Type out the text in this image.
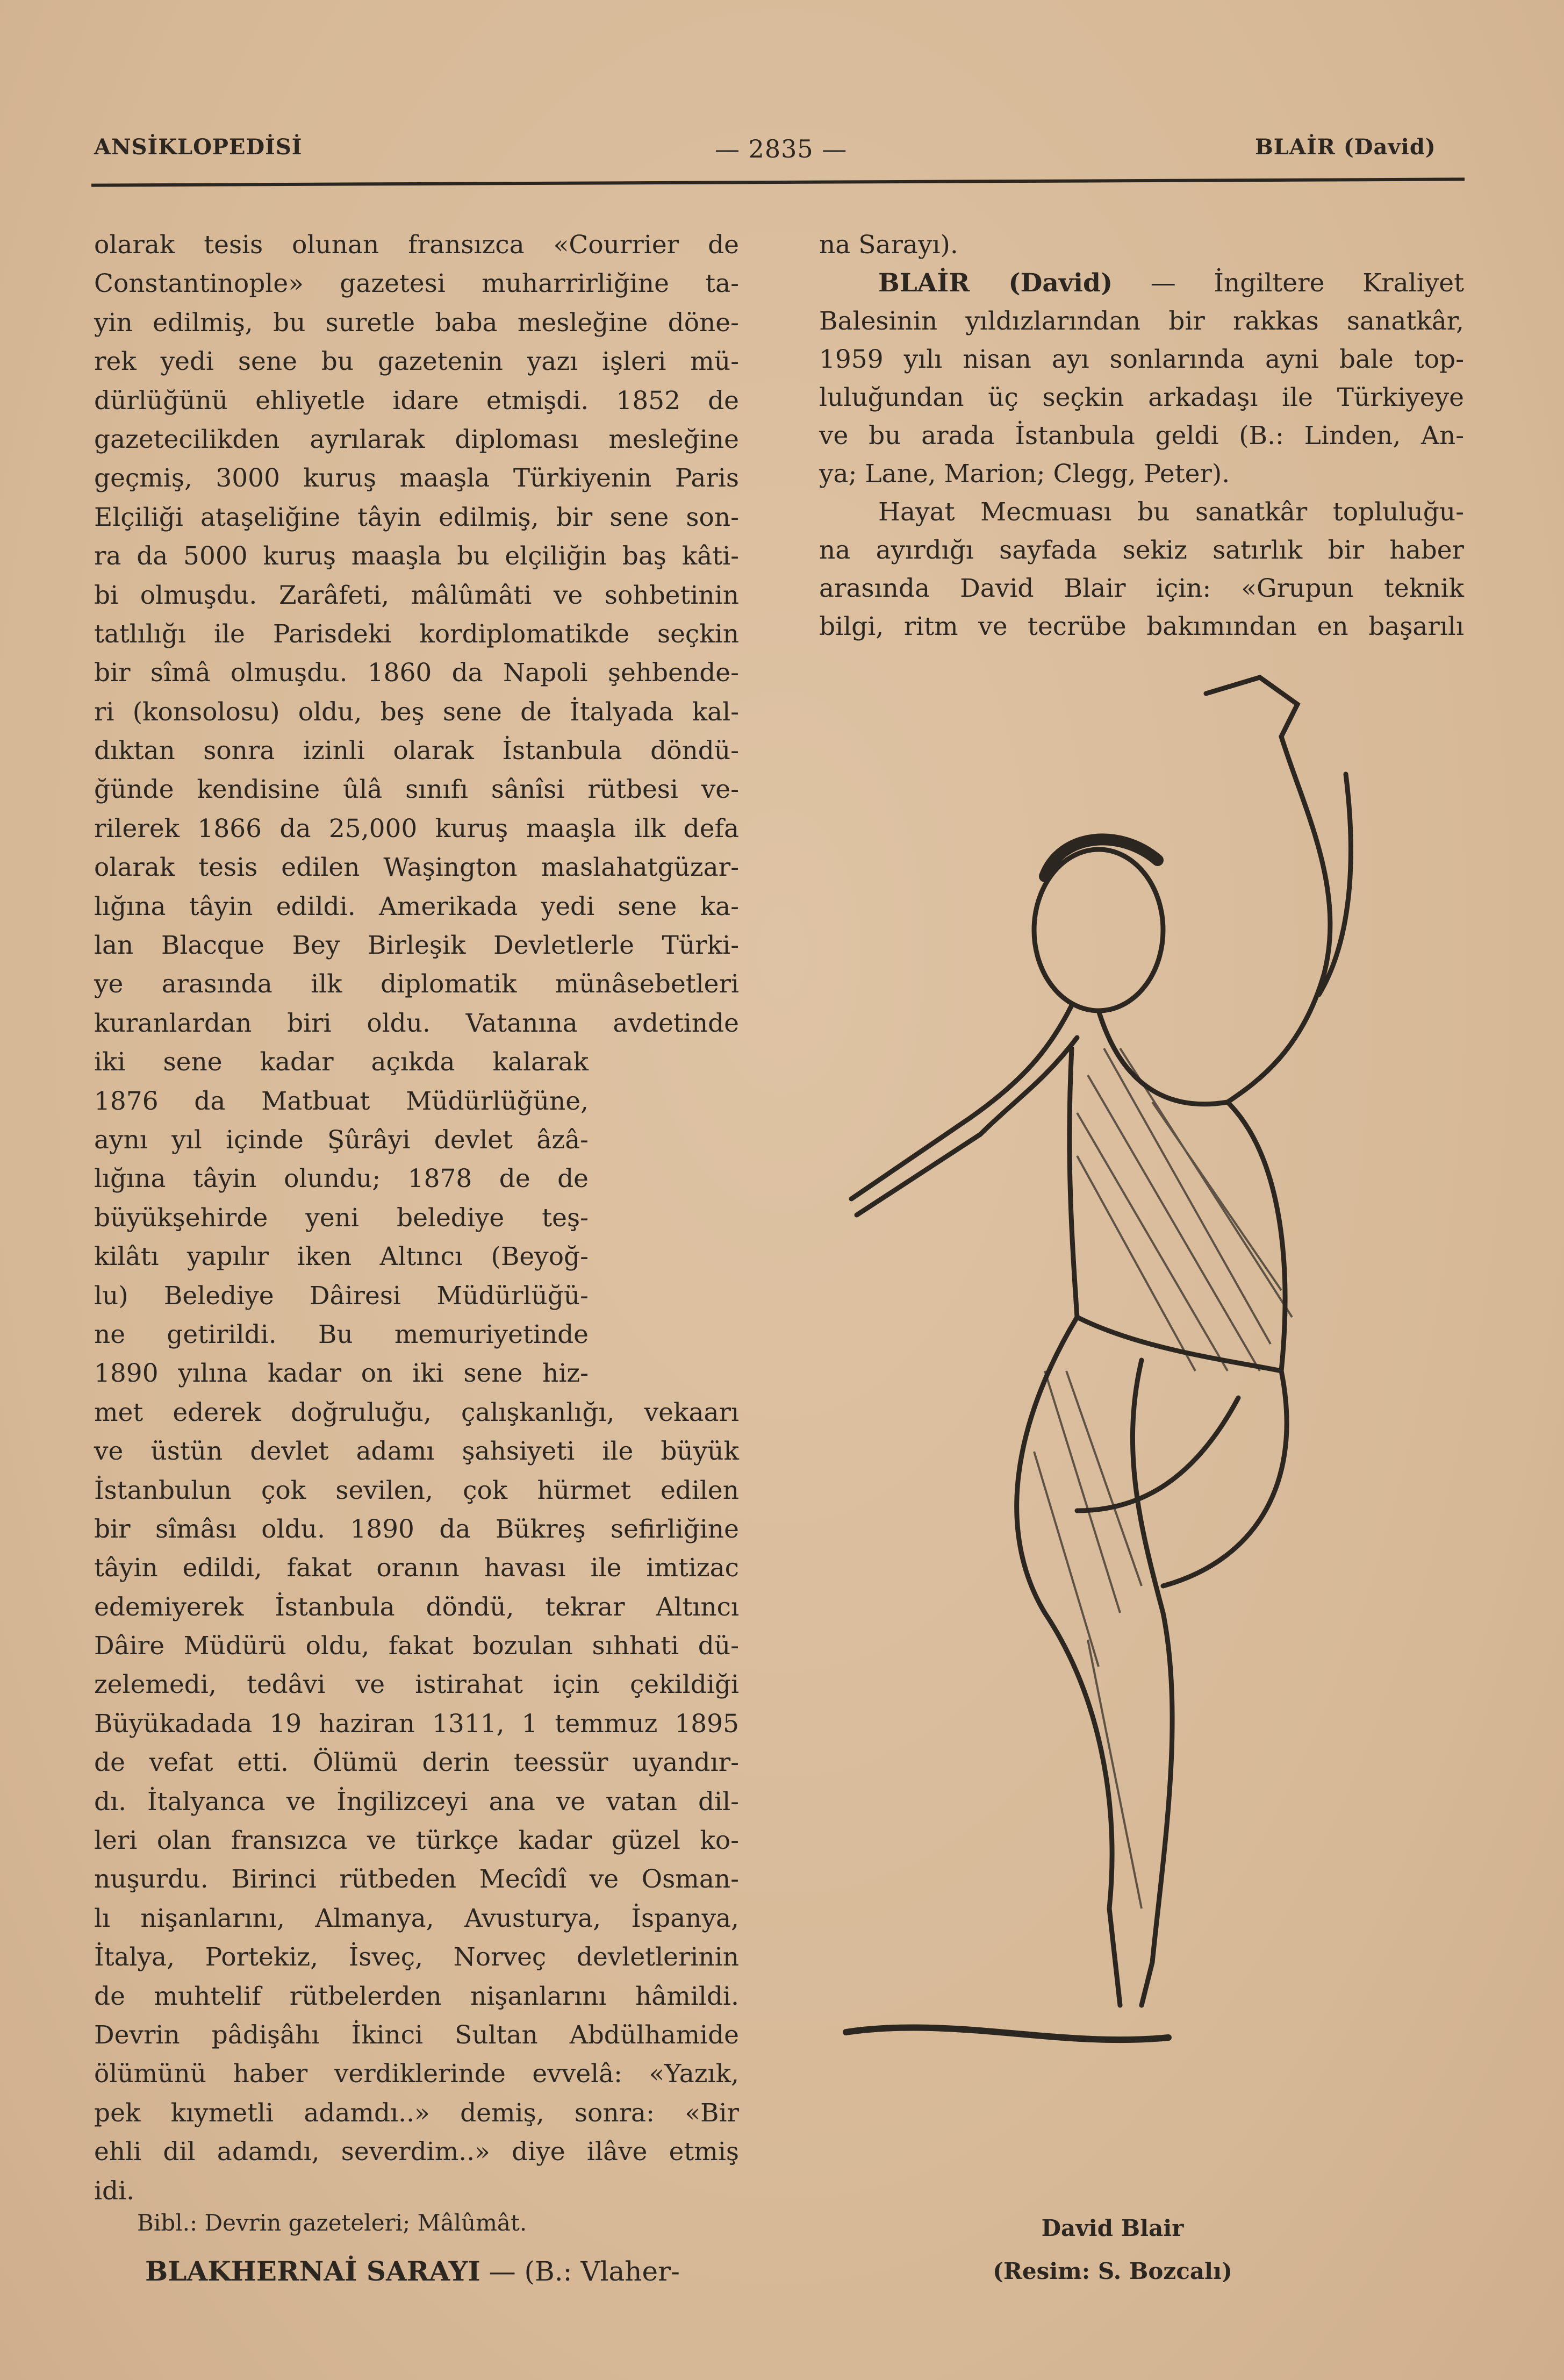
ANSİKLOPEDİSİ	— 2835 —	BLAİR (David)
olarak tesis olunan fransızca «Courrier de
Constantinople» gazetesi muharrirliğine ta-
yin edilmiş, bu suretle baba mesleğine döne-
rek yedi sene bu gazetenin yazı işleri mü-
dürlüğünü ehliyetle idare etmişdi. 1852 de
gazetecilikden ayrılarak diploması mesleğine
geçmiş, 3000 kuruş maaşla Türkiyenin Paris
Elçiliği ataşeliğine tâyin edilmiş, bir sene son-
ra da 5000 kuruş maaşla bu elçiliğin baş kâti-
bi olmuşdu. Zarâfeti, mâlûmâti ve sohbetinin
tatlılığı ile Parisdeki kordiplomatikde seçkin
bir sîmâ olmuşdu. 1860 da Napoli şehbende-
ri (konsolosu) oldu, beş sene de İtalyada kal-
dıktan sonra izinli olarak İstanbula döndü-
ğünde kendisine ûlâ sınıfı sânîsi rütbesi ve-
rilerek 1866 da 25,000 kuruş maaşla ilk defa
olarak tesis edilen Waşington maslahatgüzar-
lığına tâyin edildi. Amerikada yedi sene ka-
lan Blacque Bey Birleşik Devletlerle Türki-
ye arasında ilk diplomatik münâsebetleri
kuranlardan biri oldu. Vatanına avdetinde
iki sene kadar açıkda kalarak
1876 da Matbuat Müdürlüğüne,
aynı yıl içinde Şûrâyi devlet âzâ-
lığına tâyin olundu; 1878 de de
büyükşehirde yeni belediye teş-
kilâtı yapılır iken Altıncı (Beyoğ-
lu) Belediye Dâiresi Müdürlüğü-
ne getirildi. Bu memuriyetinde
1890 yılına kadar on iki sene hiz-
met ederek doğruluğu, çalışkanlığı, vekaarı
ve üstün devlet adamı şahsiyeti ile büyük
İstanbulun çok sevilen, çok hürmet edilen
bir sîmâsı oldu. 1890 da Bükreş sefirliğine
tâyin edildi, fakat oranın havası ile imtizac
edemiyerek İstanbula döndü, tekrar Altıncı
Dâire Müdürü oldu, fakat bozulan sıhhati dü-
zelemedi, tedâvi ve istirahat için çekildiği
Büyükadada 19 haziran 1311, 1 temmuz 1895
de vefat etti. Ölümü derin teessür uyandır-
dı. İtalyanca ve İngilizceyi ana ve vatan dil-
leri olan fransızca ve türkçe kadar güzel ko-
nuşurdu. Birinci rütbeden Mecîdî ve Osman-
lı nişanlarını, Almanya, Avusturya, İspanya,
İtalya, Portekiz, İsveç, Norveç devletlerinin
de muhtelif rütbelerden nişanlarını hâmildi.
Devrin pâdişâhı İkinci Sultan Abdülhamide
ölümünü haber verdiklerinde evvelâ: «Yazık,
pek kıymetli adamdı..» demiş, sonra: «Bir
ehli dil adamdı, severdim..» diye ilâve etmiş
idi.
na Sarayı).
BLAİR (David) — İngiltere Kraliyet
Balesinin yıldızlarından bir rakkas sanatkâr,
1959 yılı nisan ayı sonlarında ayni bale top-
luluğundan üç seçkin arkadaşı ile Türkiyeye
ve bu arada İstanbula geldi (B.: Linden, An-
ya; Lane, Marion; Clegg, Peter).
Hayat Mecmuası bu sanatkâr topluluğu-
na ayırdığı sayfada sekiz satırlık bir haber
arasında David Blair için: «Grupun teknik
bilgi, ritm ve tecrübe bakımından en başarılı
David Blair
(Resim: S. Bozcalı)
Bibl.: Devrin gazeteleri; Mâlûmât.
BLAKHERNAİ SARAYI — (B.: Vlaher-
